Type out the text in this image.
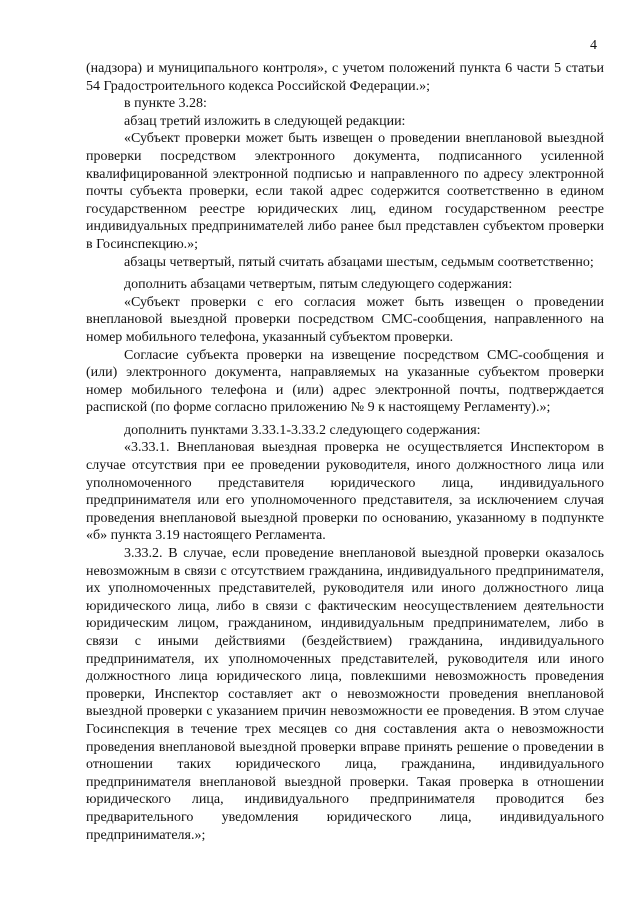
4

(надзора) и муниципального контроля», с учетом положений пункта 6 части 5 статьи 54 Градостроительного кодекса Российской Федерации.»;

в пункте 3.28:

абзац третий изложить в следующей редакции:

«Субъект проверки может быть извещен о проведении внеплановой выездной проверки посредством электронного документа, подписанного усиленной квалифицированной электронной подписью и направленного по адресу электронной почты субъекта проверки, если такой адрес содержится соответственно в едином государственном реестре юридических лиц, едином государственном реестре индивидуальных предпринимателей либо ранее был представлен субъектом проверки в Госинспекцию.»;

абзацы четвертый, пятый считать абзацами шестым, седьмым соответственно;

дополнить абзацами четвертым, пятым следующего содержания:

«Субъект проверки с его согласия может быть извещен о проведении внеплановой выездной проверки посредством СМС-сообщения, направленного на номер мобильного телефона, указанный субъектом проверки.

Согласие субъекта проверки на извещение посредством СМС-сообщения и (или) электронного документа, направляемых на указанные субъектом проверки номер мобильного телефона и (или) адрес электронной почты, подтверждается распиской (по форме согласно приложению № 9 к настоящему Регламенту).»;

дополнить пунктами 3.33.1-3.33.2 следующего содержания:

«3.33.1. Внеплановая выездная проверка не осуществляется Инспектором в случае отсутствия при ее проведении руководителя, иного должностного лица или уполномоченного представителя юридического лица, индивидуального предпринимателя или его уполномоченного представителя, за исключением случая проведения внеплановой выездной проверки по основанию, указанному в подпункте «б» пункта 3.19 настоящего Регламента.

3.33.2. В случае, если проведение внеплановой выездной проверки оказалось невозможным в связи с отсутствием гражданина, индивидуального предпринимателя, их уполномоченных представителей, руководителя или иного должностного лица юридического лица, либо в связи с фактическим неосуществлением деятельности юридическим лицом, гражданином, индивидуальным предпринимателем, либо в связи с иными действиями (бездействием) гражданина, индивидуального предпринимателя, их уполномоченных представителей, руководителя или иного должностного лица юридического лица, повлекшими невозможность проведения проверки, Инспектор составляет акт о невозможности проведения внеплановой выездной проверки с указанием причин невозможности ее проведения. В этом случае Госинспекция в течение трех месяцев со дня составления акта о невозможности проведения внеплановой выездной проверки вправе принять решение о проведении в отношении таких юридического лица, гражданина, индивидуального предпринимателя внеплановой выездной проверки. Такая проверка в отношении юридического лица, индивидуального предпринимателя проводится без предварительного уведомления юридического лица, индивидуального предпринимателя.»;
